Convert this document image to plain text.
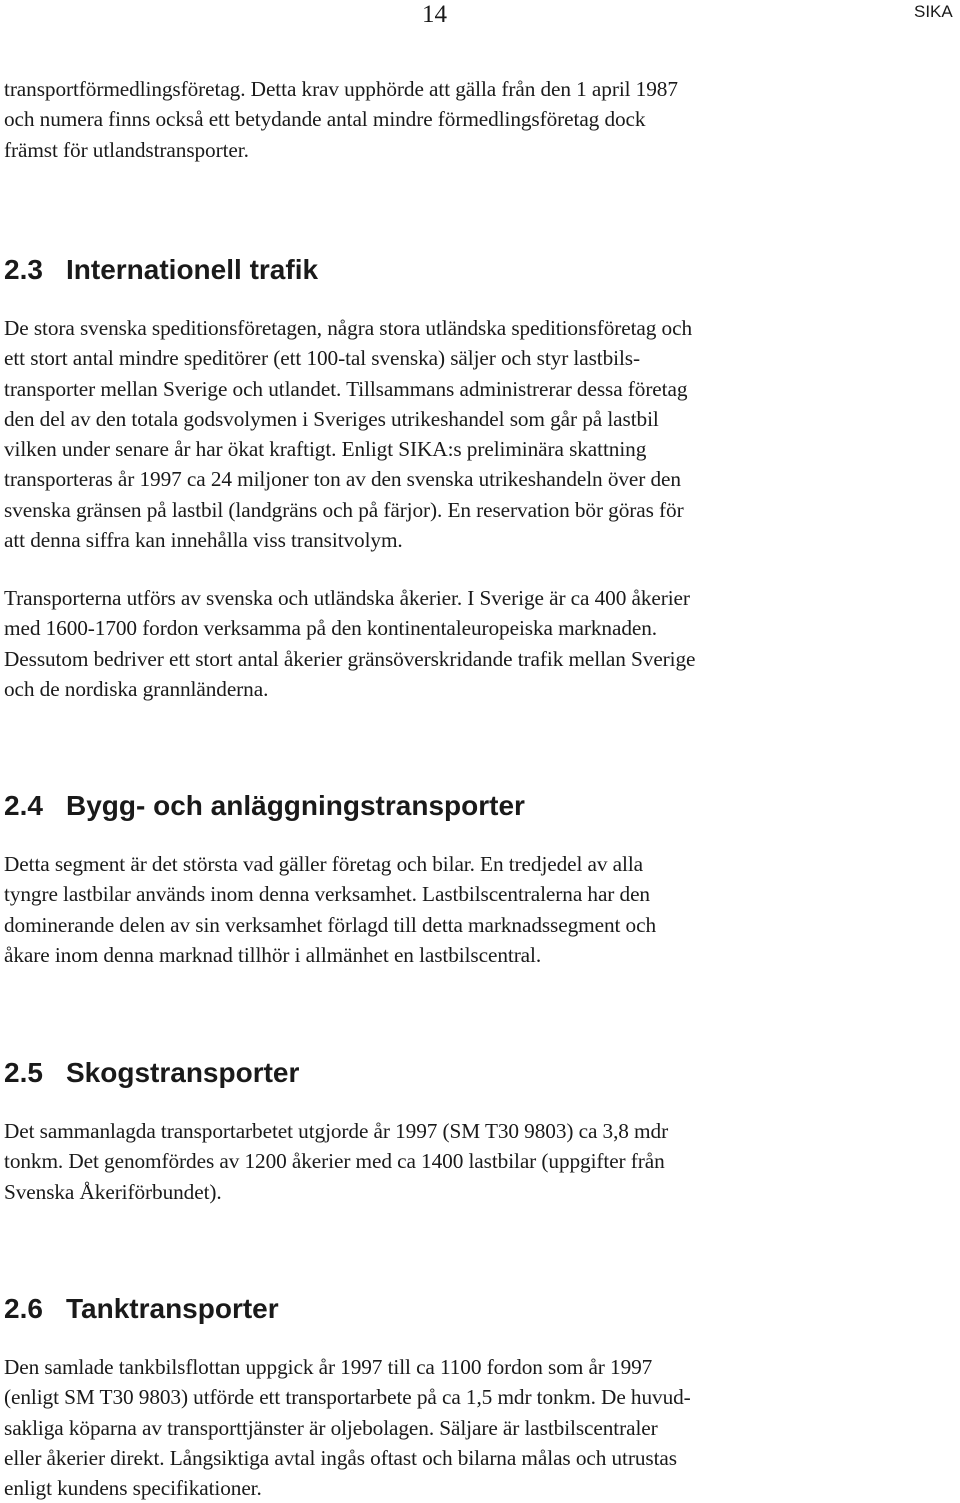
14	SIKA

transportförmedlingsföretag. Detta krav upphörde att gälla från den 1 april 1987
och numera finns också ett betydande antal mindre förmedlingsföretag dock
främst för utlandstransporter.

2.3 Internationell trafik

De stora svenska speditionsföretagen, några stora utländska speditionsföretag och
ett stort antal mindre speditörer (ett 100-tal svenska) säljer och styr lastbils-
transporter mellan Sverige och utlandet. Tillsammans administrerar dessa företag
den del av den totala godsvolymen i Sveriges utrikeshandel som går på lastbil
vilken under senare år har ökat kraftigt. Enligt SIKA:s preliminära skattning
transporteras år 1997 ca 24 miljoner ton av den svenska utrikeshandeln över den
svenska gränsen på lastbil (landgräns och på färjor). En reservation bör göras för
att denna siffra kan innehålla viss transitvolym.

Transporterna utförs av svenska och utländska åkerier. I Sverige är ca 400 åkerier
med 1600-1700 fordon verksamma på den kontinentaleuropeiska marknaden.
Dessutom bedriver ett stort antal åkerier gränsöverskridande trafik mellan Sverige
och de nordiska grannländerna.

2.4 Bygg- och anläggningstransporter

Detta segment är det största vad gäller företag och bilar. En tredjedel av alla
tyngre lastbilar används inom denna verksamhet. Lastbilscentralerna har den
dominerande delen av sin verksamhet förlagd till detta marknadssegment och
åkare inom denna marknad tillhör i allmänhet en lastbilscentral.

2.5 Skogstransporter

Det sammanlagda transportarbetet utgjorde år 1997 (SM T30 9803) ca 3,8 mdr
tonkm. Det genomfördes av 1200 åkerier med ca 1400 lastbilar (uppgifter från
Svenska Åkeriförbundet).

2.6 Tanktransporter

Den samlade tankbilsflottan uppgick år 1997 till ca 1100 fordon som år 1997
(enligt SM T30 9803) utförde ett transportarbete på ca 1,5 mdr tonkm. De huvud-
sakliga köparna av transporttjänster är oljebolagen. Säljare är lastbilscentraler
eller åkerier direkt. Långsiktiga avtal ingås oftast och bilarna målas och utrustas
enligt kundens specifikationer.
